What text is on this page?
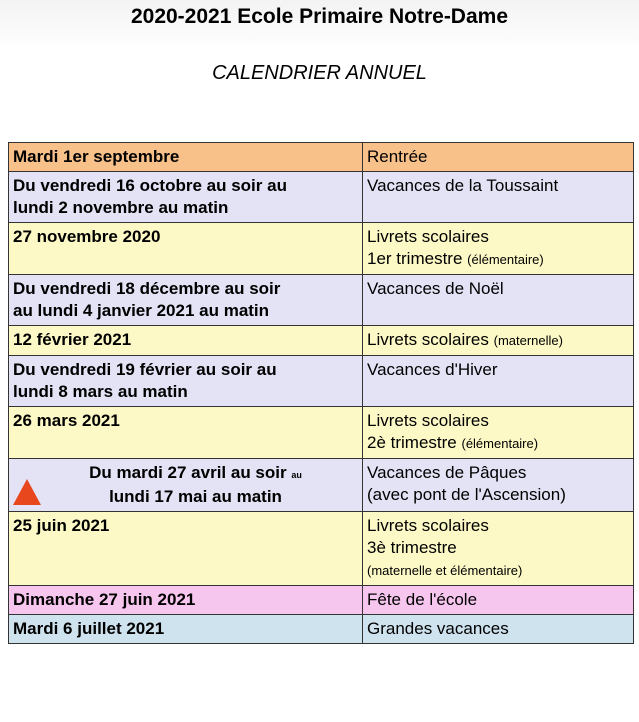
2020-2021 Ecole Primaire Notre-Dame
CALENDRIER ANNUEL
Mardi 1er septembre	Rentrée
Du vendredi 16 octobre au soir au
lundi 2 novembre au matin	Vacances de la Toussaint
27 novembre 2020	Livrets scolaires
1er trimestre (élémentaire)
Du vendredi 18 décembre au soir
au lundi 4 janvier 2021 au matin	Vacances de Noël
12 février 2021	Livrets scolaires (maternelle)
Du vendredi 19 février au soir au
lundi 8 mars au matin	Vacances d'Hiver
26 mars 2021	Livrets scolaires
2è trimestre (élémentaire)

Du mardi 27 avril au soir au
lundi 17 mai au matin	Vacances de Pâques
(avec pont de l'Ascension)
25 juin 2021	Livrets scolaires
3è trimestre
(maternelle et élémentaire)
Dimanche 27 juin 2021	Fête de l'école
Mardi 6 juillet 2021	Grandes vacances
